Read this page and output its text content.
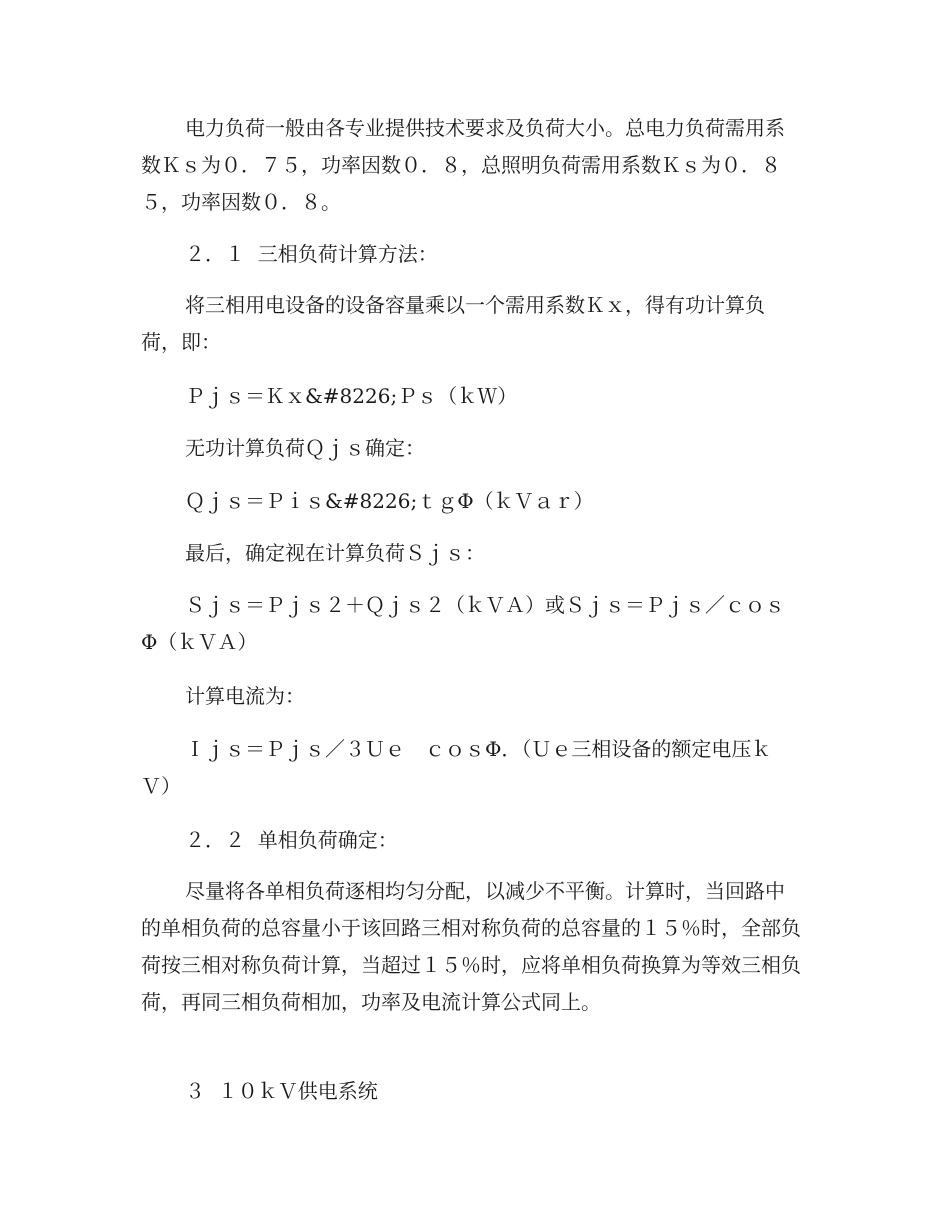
电力负荷一般由各专业提供技术要求及负荷大小。总电力负荷需用系数Ｋｓ为０．７５，功率因数０．８，总照明负荷需用系数Ｋｓ为０．８５，功率因数０．８。

２．１  三相负荷计算方法：

将三相用电设备的设备容量乘以一个需用系数Ｋｘ，得有功计算负荷，即：

Ｐｊｓ＝Ｋｘ&#8226;Ｐｓ（ｋＷ）

无功计算负荷Ｑｊｓ确定：

Ｑｊｓ＝Ｐｉｓ&#8226;ｔｇΦ（ｋＶａｒ）

最后，确定视在计算负荷Ｓｊｓ：

Ｓｊｓ＝Ｐｊｓ２＋Ｑｊｓ２（ｋＶＡ）或Ｓｊｓ＝Ｐｊｓ／ｃｏｓΦ（ｋＶＡ）

计算电流为：

Ｉｊｓ＝Ｐｊｓ／３Ｕｅ　ｃｏｓΦ．（Ｕｅ三相设备的额定电压ｋＶ）

２．２  单相负荷确定：

尽量将各单相负荷逐相均匀分配，以减少不平衡。计算时，当回路中的单相负荷的总容量小于该回路三相对称负荷的总容量的１５％时，全部负荷按三相对称负荷计算，当超过１５％时，应将单相负荷换算为等效三相负荷，再同三相负荷相加，功率及电流计算公式同上。

３  １０ｋＶ供电系统
